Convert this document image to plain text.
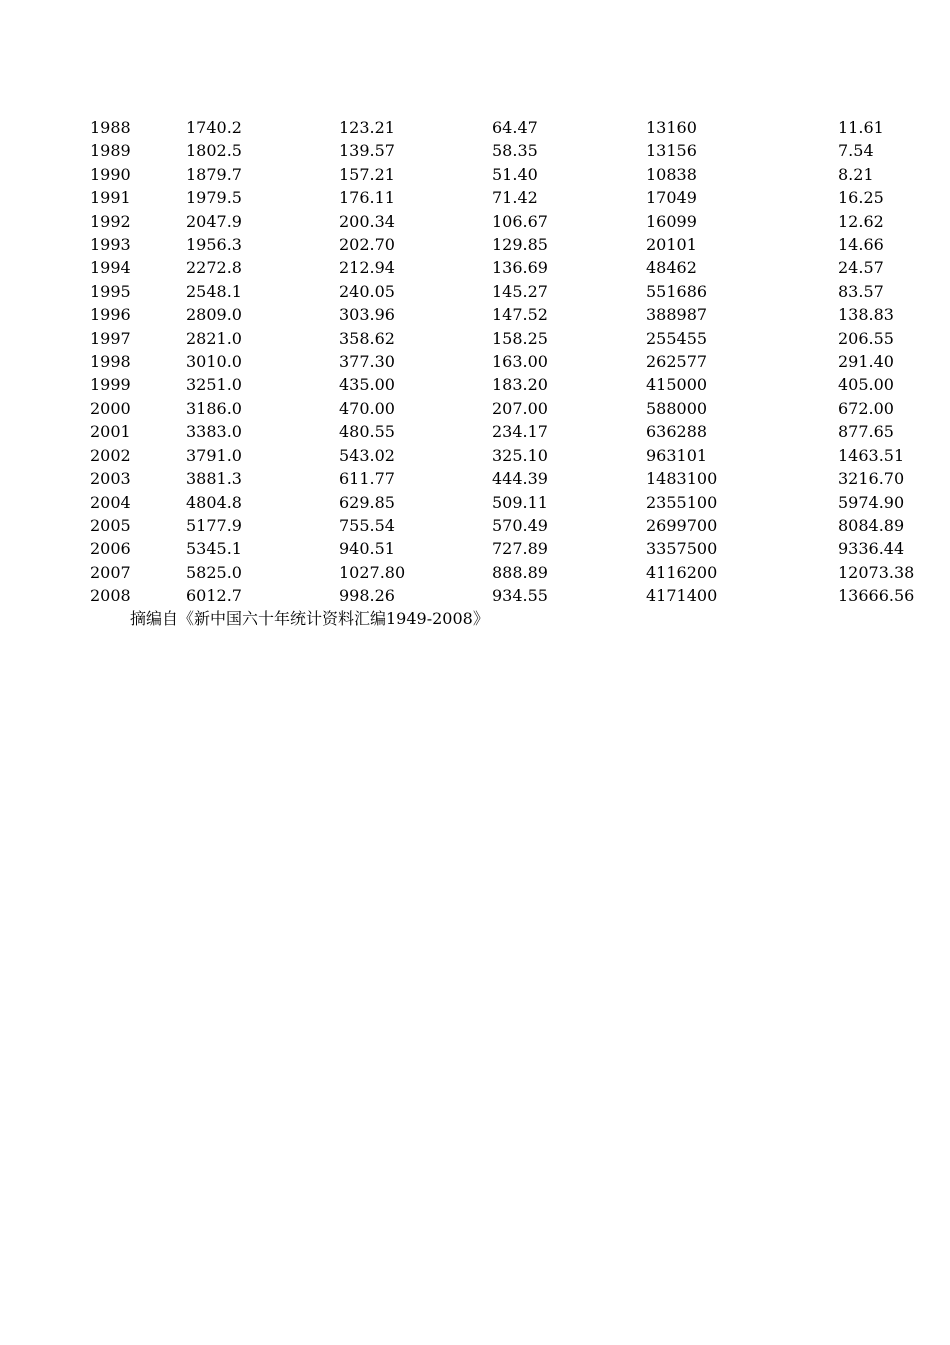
1988	1740.2	123.21	64.47	13160	11.61
1989	1802.5	139.57	58.35	13156	7.54
1990	1879.7	157.21	51.40	10838	8.21
1991	1979.5	176.11	71.42	17049	16.25
1992	2047.9	200.34	106.67	16099	12.62
1993	1956.3	202.70	129.85	20101	14.66
1994	2272.8	212.94	136.69	48462	24.57
1995	2548.1	240.05	145.27	551686	83.57
1996	2809.0	303.96	147.52	388987	138.83
1997	2821.0	358.62	158.25	255455	206.55
1998	3010.0	377.30	163.00	262577	291.40
1999	3251.0	435.00	183.20	415000	405.00
2000	3186.0	470.00	207.00	588000	672.00
2001	3383.0	480.55	234.17	636288	877.65
2002	3791.0	543.02	325.10	963101	1463.51
2003	3881.3	611.77	444.39	1483100	3216.70
2004	4804.8	629.85	509.11	2355100	5974.90
2005	5177.9	755.54	570.49	2699700	8084.89
2006	5345.1	940.51	727.89	3357500	9336.44
2007	5825.0	1027.80	888.89	4116200	12073.38
2008	6012.7	998.26	934.55	4171400	13666.56
摘编自《新中国六十年统计资料汇编1949-2008》
